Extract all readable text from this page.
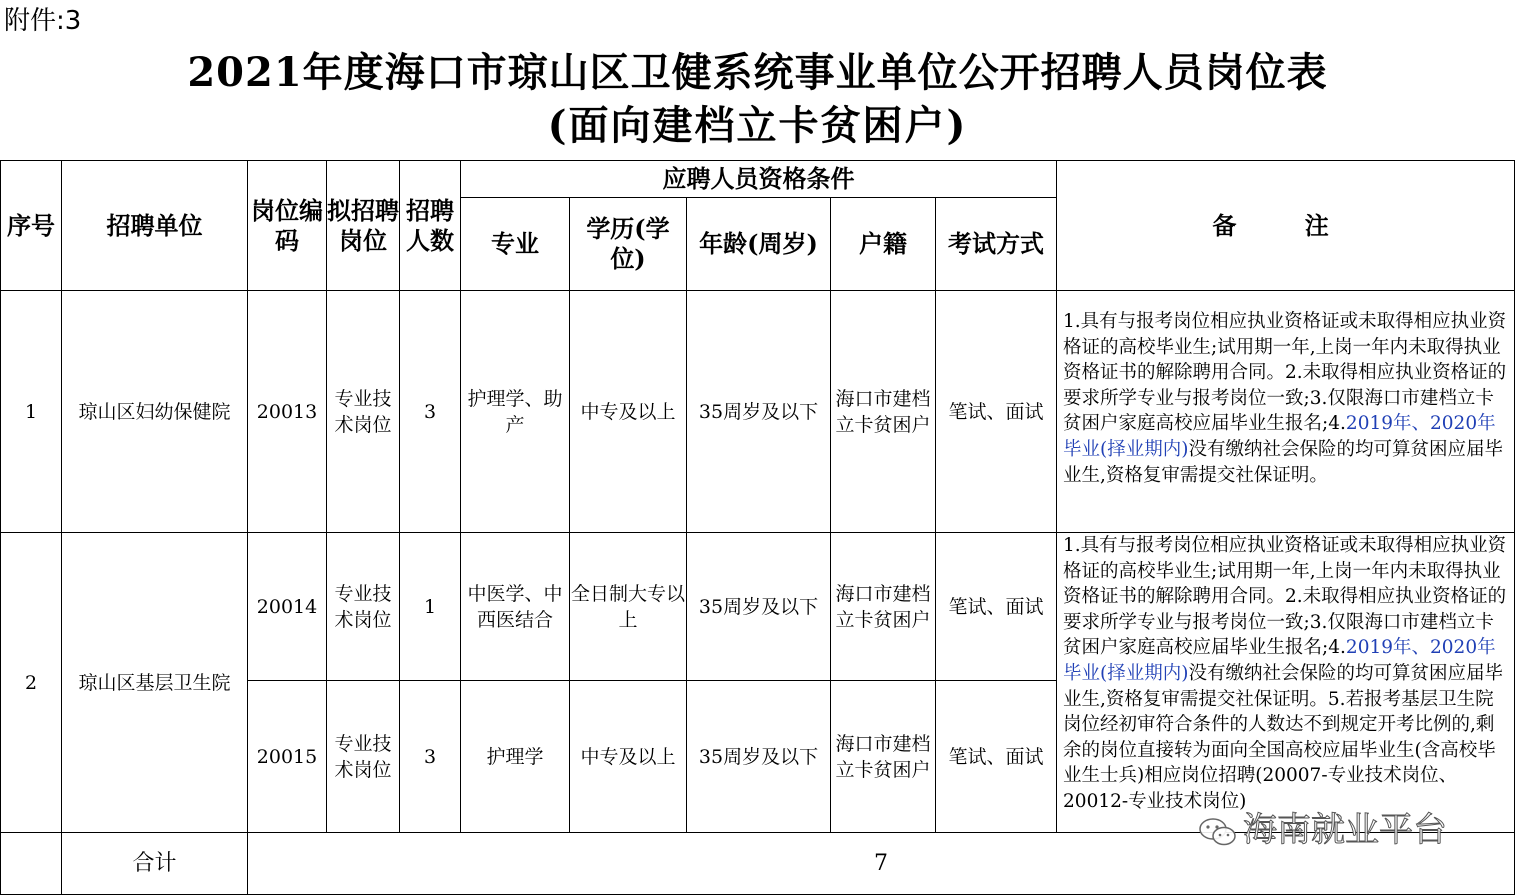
附件:3
2021年度海口市琼山区卫健系统事业单位公开招聘人员岗位表
(面向建档立卡贫困户)
序号	招聘单位	岗位编码	拟招聘岗位	招聘人数	应聘人员资格条件					备 注
					专业	学历(学位)	年龄(周岁)	户籍	考试方式	
1	琼山区妇幼保健院	20013	专业技术岗位	3	护理学、助产	中专及以上	35周岁及以下	海口市建档立卡贫困户	笔试、面试	1.具有与报考岗位相应执业资格证或未取得相应执业资格证的高校毕业生;试用期一年,上岗一年内未取得执业资格证书的解除聘用合同。2.未取得相应执业资格证的要求所学专业与报考岗位一致;3.仅限海口市建档立卡贫困户家庭高校应届毕业生报名;4.2019年、2020年毕业(择业期内)没有缴纳社会保险的均可算贫困应届毕业生,资格复审需提交社保证明。
2	琼山区基层卫生院	20014	专业技术岗位	1	中医学、中西医结合	全日制大专以上	35周岁及以下	海口市建档立卡贫困户	笔试、面试	1.具有与报考岗位相应执业资格证或未取得相应执业资格证的高校毕业生;试用期一年,上岗一年内未取得执业资格证书的解除聘用合同。2.未取得相应执业资格证的要求所学专业与报考岗位一致;3.仅限海口市建档立卡贫困户家庭高校应届毕业生报名;4.2019年、2020年毕业(择业期内)没有缴纳社会保险的均可算贫困应届毕业生,资格复审需提交社保证明。5.若报考基层卫生院岗位经初审符合条件的人数达不到规定开考比例的,剩余的岗位直接转为面向全国高校应届毕业生(含高校毕业生士兵)相应岗位招聘(20007-专业技术岗位、20012-专业技术岗位)
		20015	专业技术岗位	3	护理学	中专及以上	35周岁及以下	海口市建档立卡贫困户	笔试、面试	
	合计	7								
海南就业平台
